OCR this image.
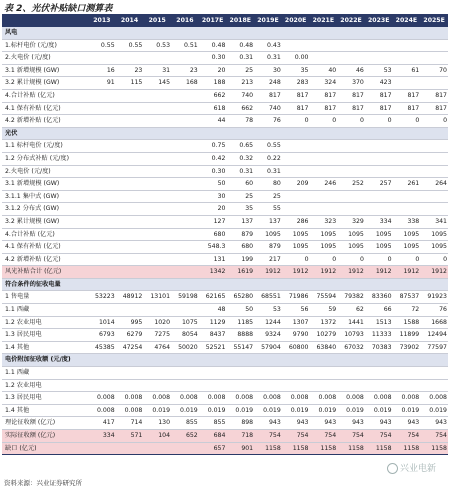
表 2、光伏补贴缺口测算表
	2013	2014	2015	2016	2017E	2018E	2019E	2020E	2021E	2022E	2023E	2024E	2025E
风电													
1.标杆电价 (元/度)	0.55	0.55	0.53	0.51	0.48	0.48	0.43						
2.火电价 (元/度)					0.30	0.31	0.31	0.00					
3.1 新增规模 (GW)	16	23	31	23	20	25	30	35	40	46	53	61	70
3.2 累计规模 (GW)	91	115	145	168	188	213	248	283	324	370	423		
4.合计补贴 (亿元)					662	740	817	817	817	817	817	817	817
4.1 保有补贴 (亿元)					618	662	740	817	817	817	817	817	817
4.2 新增补贴 (亿元)					44	78	76	0	0	0	0	0	0
光伏													
1.1 标杆电价 (元/度)					0.75	0.65	0.55						
1.2 分布式补贴 (元/度)					0.42	0.32	0.22						
2.火电价 (元/度)					0.30	0.31	0.31						
3.1 新增规模 (GW)					50	60	80	209	246	252	257	261	264
3.1.1 集中式 (GW)					30	25	25						
3.1.2 分布式 (GW)					20	35	55						
3.2 累计规模 (GW)					127	137	137	286	323	329	334	338	341
4.合计补贴 (亿元)					680	879	1095	1095	1095	1095	1095	1095	1095
4.1 保有补贴 (亿元)					548.3	680	879	1095	1095	1095	1095	1095	1095
4.2 新增补贴 (亿元)					131	199	217	0	0	0	0	0	0
风光补贴合计 (亿元)					1342	1619	1912	1912	1912	1912	1912	1912	1912
符合条件的征收电量													
1 售电量	53223	48912	13101	59198	62165	65280	68551	71986	75594	79382	83360	87537	91923
1.1 西藏					48	50	53	56	59	62	66	72	76
1.2 农业用电	1014	995	1020	1075	1129	1185	1244	1307	1372	1441	1513	1588	1668
1.3 居民用电	6793	6279	7275	8054	8437	8888	9324	9790	10279	10793	11333	11899	12494
1.4 其他	45385	47254	4764	50020	52521	55147	57904	60800	63840	67032	70383	73902	77597
电价附加征收额 (元/度)													
1.1 西藏													
1.2 农业用电													
1.3 居民用电	0.008	0.008	0.008	0.008	0.008	0.008	0.008	0.008	0.008	0.008	0.008	0.008	0.008
1.4 其他	0.008	0.008	0.019	0.019	0.019	0.019	0.019	0.019	0.019	0.019	0.019	0.019	0.019
理论征收额 (亿元)	417	714	130	855	855	898	943	943	943	943	943	943	943
实际征收额 (亿元)	334	571	104	652	684	718	754	754	754	754	754	754	754
缺口 (亿元)					657	901	1158	1158	1158	1158	1158	1158	1158
兴业电新
资料来源：兴业证券研究所
